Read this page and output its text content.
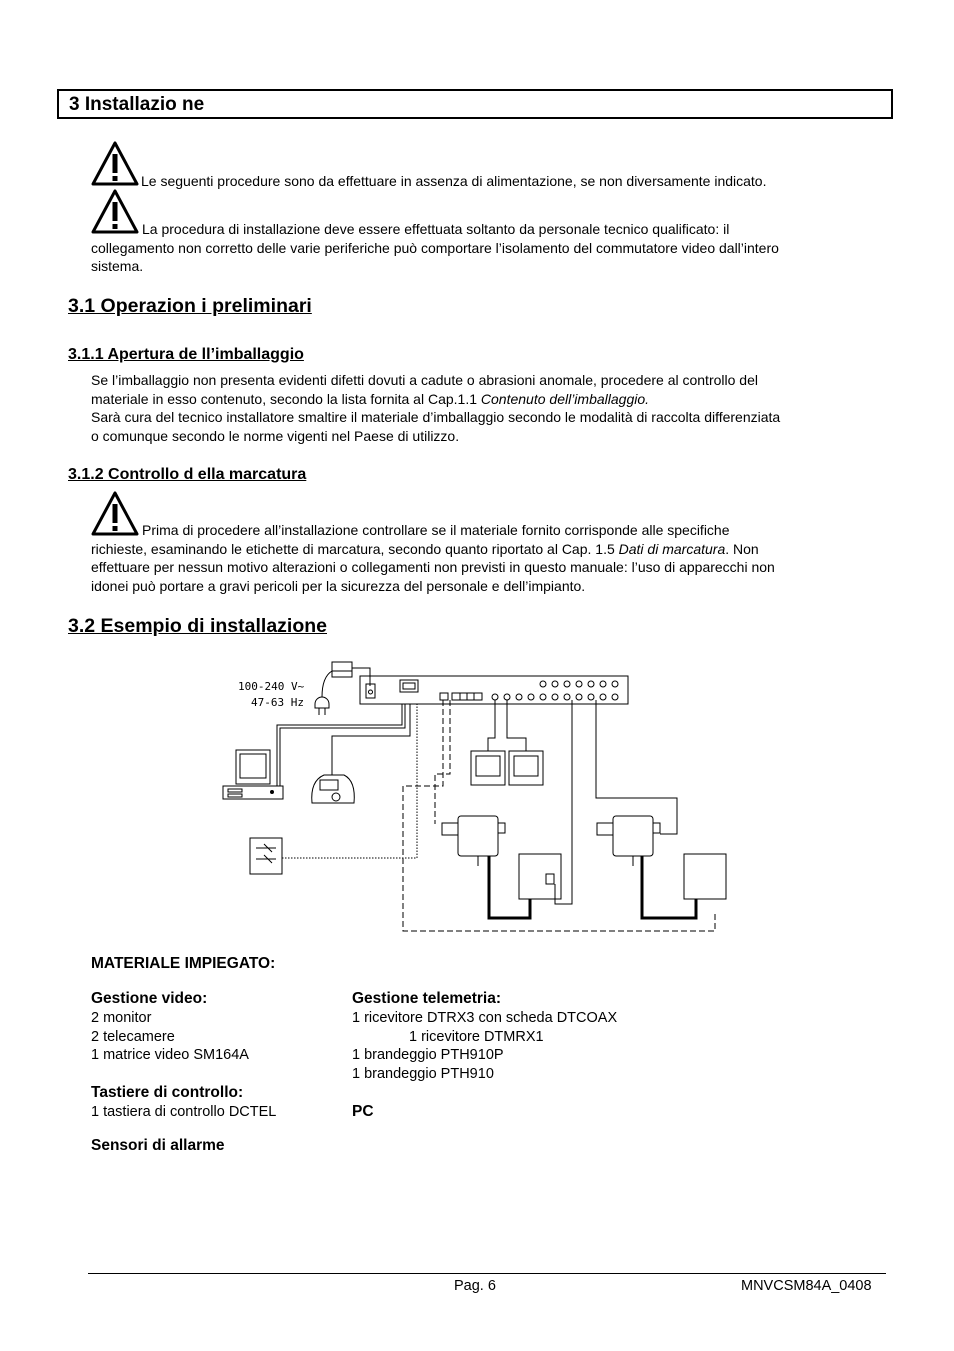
3 Installazio ne
Le seguenti procedure sono da effettuare in assenza di alimentazione, se non diversamente indicato.
La procedura di installazione deve essere effettuata soltanto da personale tecnico qualificato: il
collegamento non corretto delle varie periferiche può comportare l’isolamento del commutatore video dall’intero
sistema.
3.1 Operazion i preliminari
3.1.1 Apertura de ll’imballaggio
Se l’imballaggio non presenta evidenti difetti dovuti a cadute o abrasioni anomale, procedere al controllo del
materiale in esso contenuto, secondo la lista fornita al Cap.1.1 Contenuto dell’imballaggio.
Sarà cura del tecnico installatore smaltire il materiale d’imballaggio secondo le modalità di raccolta differenziata
o comunque secondo le norme vigenti nel Paese di utilizzo.
3.1.2 Controllo d ella marcatura
Prima di procedere all’installazione controllare se il materiale fornito corrisponde alle specifiche
richieste, esaminando le etichette di marcatura, secondo quanto riportato al Cap. 1.5 Dati di marcatura. Non
effettuare per nessun motivo alterazioni o collegamenti non previsti in questo manuale: l’uso di apparecchi non
idonei può portare a gravi pericoli per la sicurezza del personale e dell’impianto.
3.2 Esempio di installazione
100-240 V~
47-63 Hz
MATERIALE IMPIEGATO:
Gestione video:
2 monitor
2 telecamere
1 matrice video SM164A
Tastiere di controllo:
1 tastiera di controllo DCTEL
Sensori di allarme
Gestione telemetria:
1 ricevitore DTRX3 con scheda DTCOAX
1 ricevitore DTMRX1
1 brandeggio PTH910P
1 brandeggio PTH910
PC
Pag. 6	MNVCSM84A_0408
